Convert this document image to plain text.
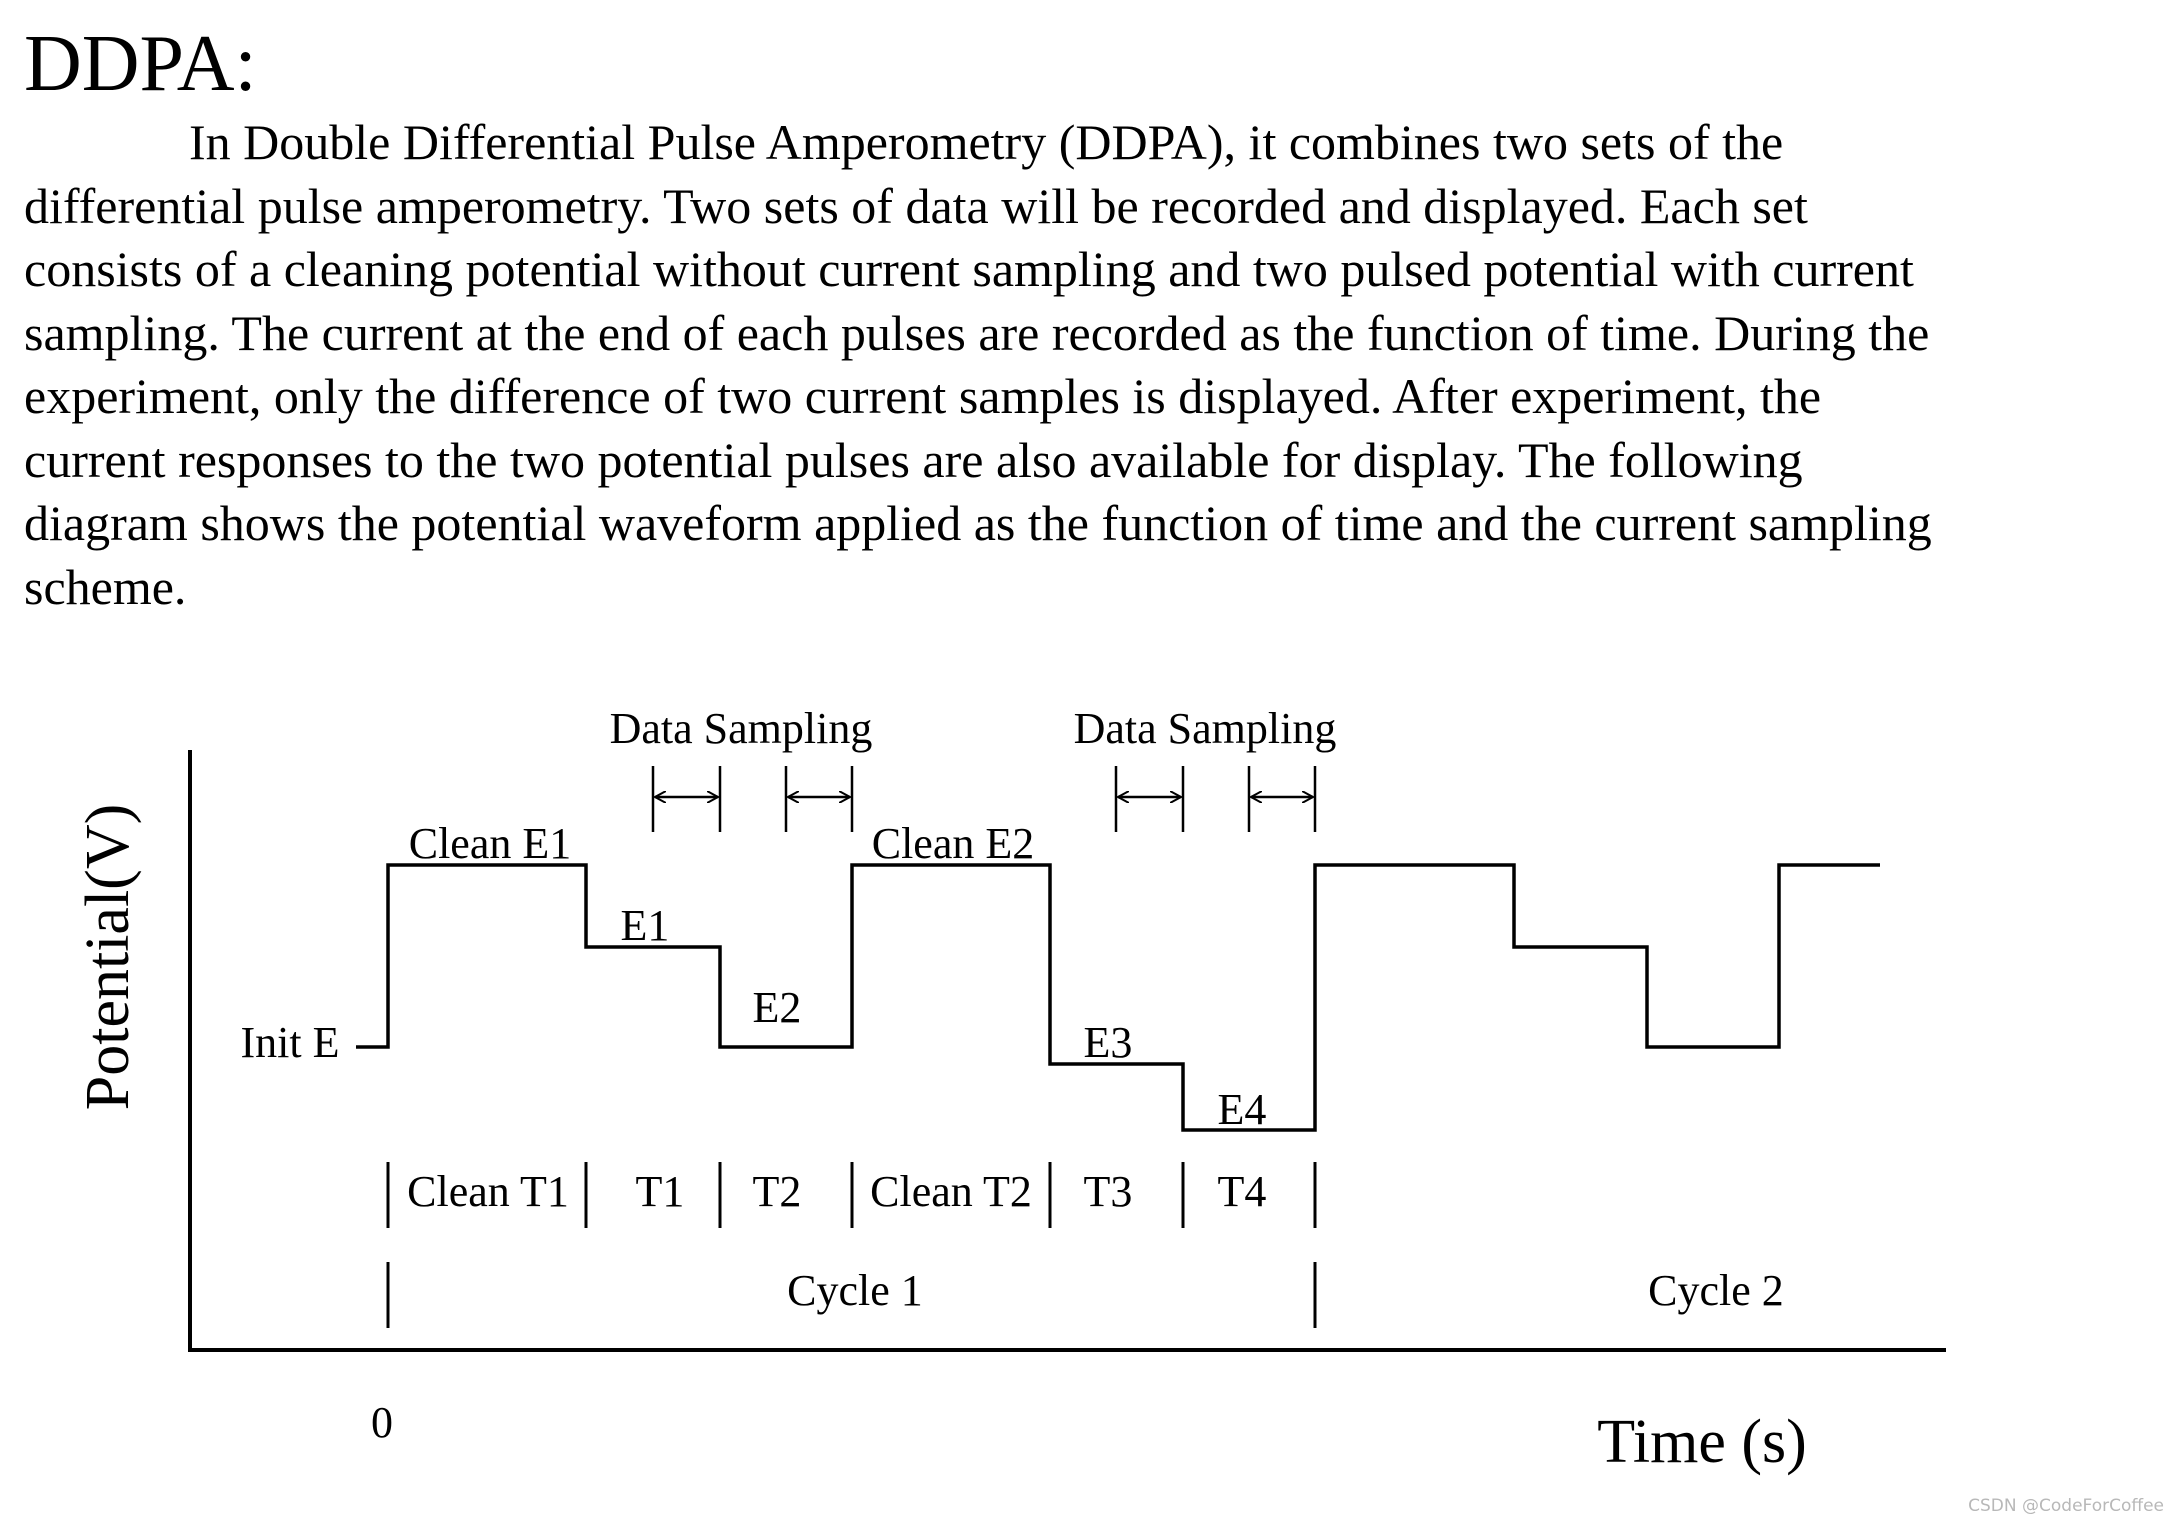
DDPA:

In Double Differential Pulse Amperometry (DDPA), it combines two sets of the
differential pulse amperometry. Two sets of data will be recorded and displayed. Each set
consists of a cleaning potential without current sampling and two pulsed potential with current
sampling. The current at the end of each pulses are recorded as the function of time. During the
experiment, only the difference of two current samples is displayed. After experiment, the
current responses to the two potential pulses are also available for display. The following
diagram shows the potential waveform applied as the function of time and the current sampling
scheme.

Potential(V)
Time (s)
0
Clean E1
E1
E2
Init E
Clean E2
E3
E4
Data Sampling	Data Sampling
Clean T1 T1 T2 Clean T2 T3 T4
Cycle 1	Cycle 2
CSDN @CodeForCoffee
